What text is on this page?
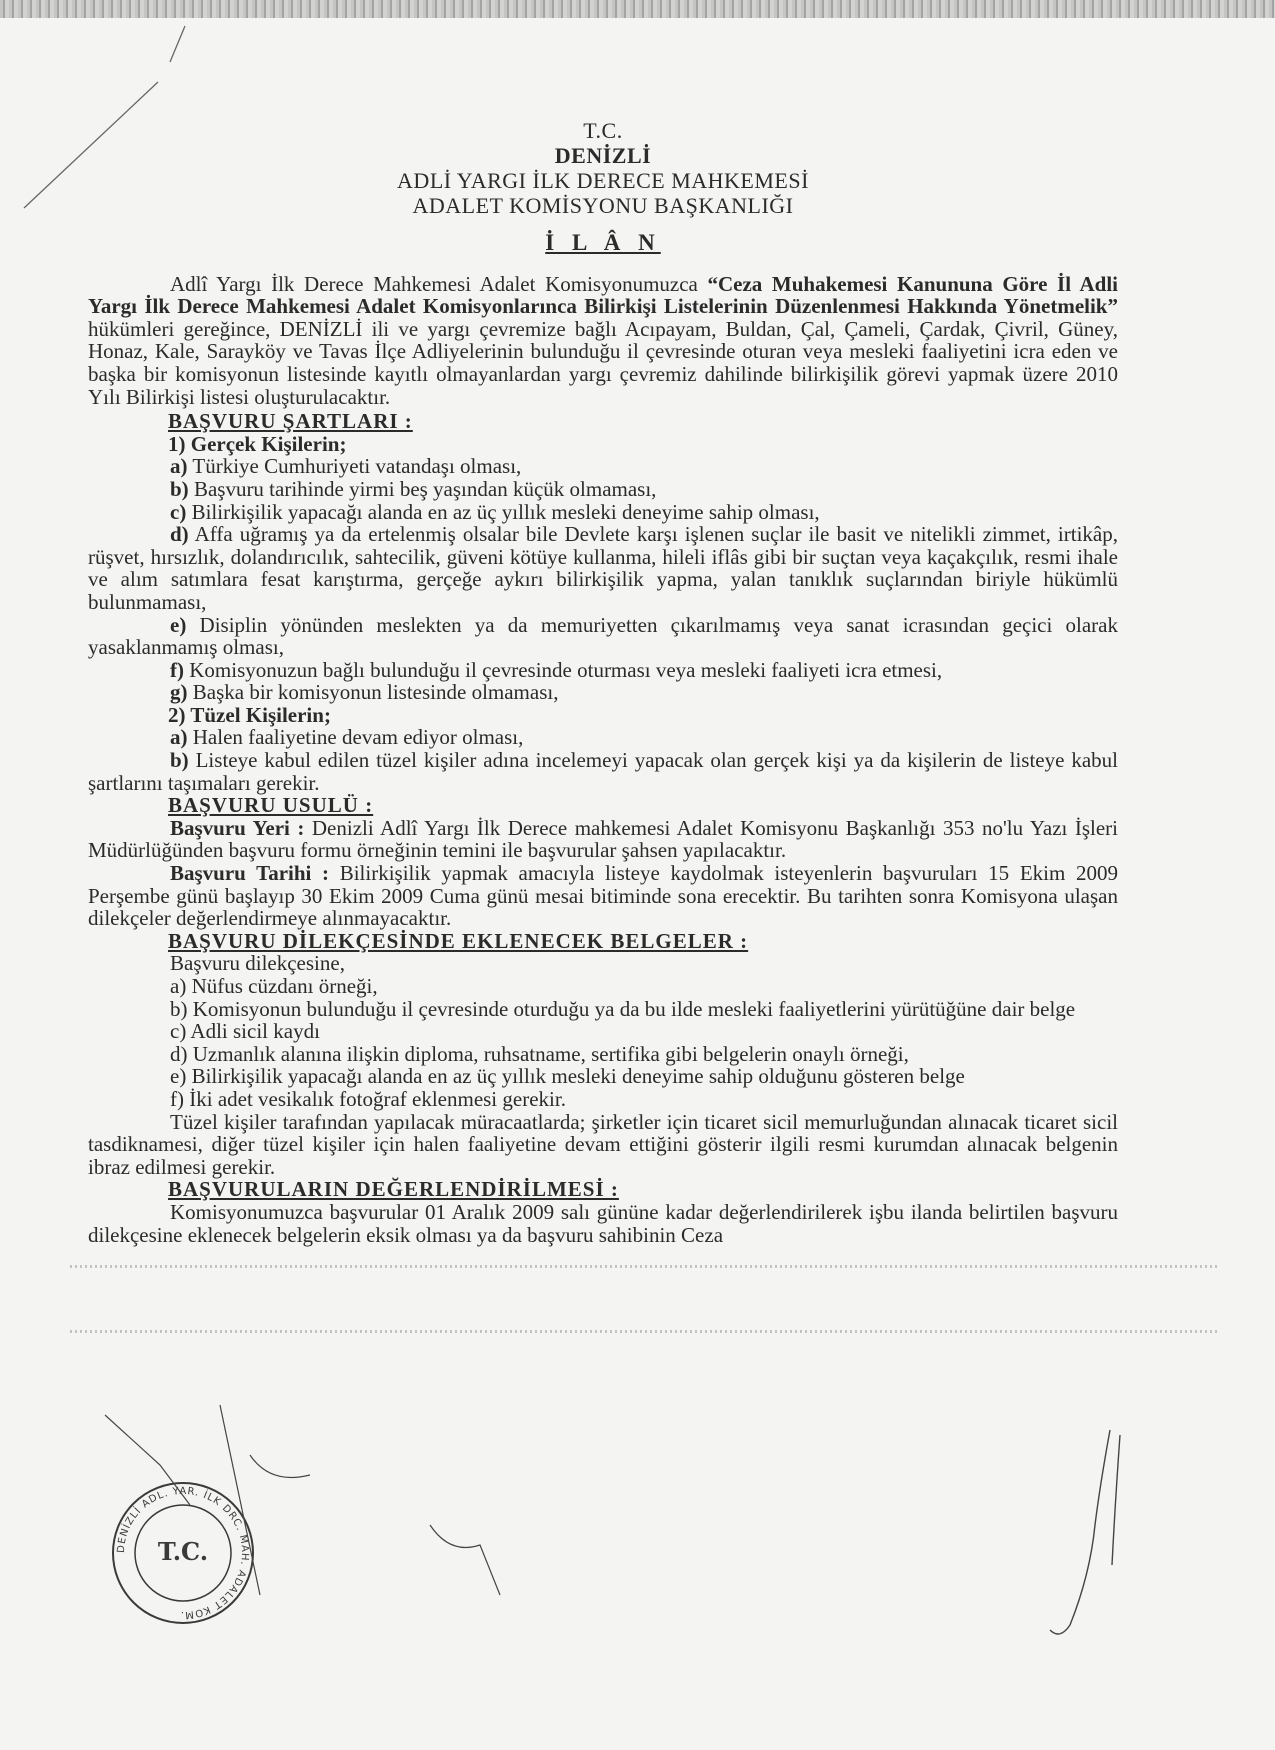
T.C.
DENİZLİ
ADLİ YARGI İLK DERECE MAHKEMESİ
ADALET KOMİSYONU BAŞKANLIĞI
İ L Â N

Adlî Yargı İlk Derece Mahkemesi Adalet Komisyonumuzca “Ceza Muhakemesi Kanununa Göre İl Adli Yargı İlk Derece Mahkemesi Adalet Komisyonlarınca Bilirkişi Listelerinin Düzenlenmesi Hakkında Yönetmelik” hükümleri gereğince, DENİZLİ ili ve yargı çevremize bağlı Acıpayam, Buldan, Çal, Çameli, Çardak, Çivril, Güney, Honaz, Kale, Sarayköy ve Tavas İlçe Adliyelerinin bulunduğu il çevresinde oturan veya mesleki faaliyetini icra eden ve başka bir komisyonun listesinde kayıtlı olmayanlardan yargı çevremiz dahilinde bilirkişilik görevi yapmak üzere 2010 Yılı Bilirkişi listesi oluşturulacaktır.

BAŞVURU ŞARTLARI :
1) Gerçek Kişilerin;

a) Türkiye Cumhuriyeti vatandaşı olması,

b) Başvuru tarihinde yirmi beş yaşından küçük olmaması,

c) Bilirkişilik yapacağı alanda en az üç yıllık mesleki deneyime sahip olması,

d) Affa uğramış ya da ertelenmiş olsalar bile Devlete karşı işlenen suçlar ile basit ve nitelikli zimmet, irtikâp, rüşvet, hırsızlık, dolandırıcılık, sahtecilik, güveni kötüye kullanma, hileli iflâs gibi bir suçtan veya kaçakçılık, resmi ihale ve alım satımlara fesat karıştırma, gerçeğe aykırı bilirkişilik yapma, yalan tanıklık suçlarından biriyle hükümlü bulunmaması,

e) Disiplin yönünden meslekten ya da memuriyetten çıkarılmamış veya sanat icrasından geçici olarak yasaklanmamış olması,

f) Komisyonuzun bağlı bulunduğu il çevresinde oturması veya mesleki faaliyeti icra etmesi,

g) Başka bir komisyonun listesinde olmaması,

2) Tüzel Kişilerin;

a) Halen faaliyetine devam ediyor olması,

b) Listeye kabul edilen tüzel kişiler adına incelemeyi yapacak olan gerçek kişi ya da kişilerin de listeye kabul şartlarını taşımaları gerekir.

BAŞVURU USULÜ :

Başvuru Yeri : Denizli Adlî Yargı İlk Derece mahkemesi Adalet Komisyonu Başkanlığı 353 no'lu Yazı İşleri Müdürlüğünden başvuru formu örneğinin temini ile başvurular şahsen yapılacaktır.

Başvuru Tarihi : Bilirkişilik yapmak amacıyla listeye kaydolmak isteyenlerin başvuruları 15 Ekim 2009 Perşembe günü başlayıp 30 Ekim 2009 Cuma günü mesai bitiminde sona erecektir. Bu tarihten sonra Komisyona ulaşan dilekçeler değerlendirmeye alınmayacaktır.

BAŞVURU DİLEKÇESİNDE EKLENECEK BELGELER :

Başvuru dilekçesine,

a) Nüfus cüzdanı örneği,

b) Komisyonun bulunduğu il çevresinde oturduğu ya da bu ilde mesleki faaliyetlerini yürütüğüne dair belge

c) Adli sicil kaydı

d) Uzmanlık alanına ilişkin diploma, ruhsatname, sertifika gibi belgelerin onaylı örneği,

e) Bilirkişilik yapacağı alanda en az üç yıllık mesleki deneyime sahip olduğunu gösteren belge

f) İki adet vesikalık fotoğraf eklenmesi gerekir.

Tüzel kişiler tarafından yapılacak müracaatlarda; şirketler için ticaret sicil memurluğundan alınacak ticaret sicil tasdiknamesi, diğer tüzel kişiler için halen faaliyetine devam ettiğini gösterir ilgili resmi kurumdan alınacak belgenin ibraz edilmesi gerekir.

BAŞVURULARIN DEĞERLENDİRİLMESİ :

Komisyonumuzca başvurular 01 Aralık 2009 salı gününe kadar değerlendirilerek işbu ilanda belirtilen başvuru dilekçesine eklenecek belgelerin eksik olması ya da başvuru sahibinin Ceza

T.C.
DENİZLİ ADL. YAR. İLK DRC. MAH. ADALET KOM.
